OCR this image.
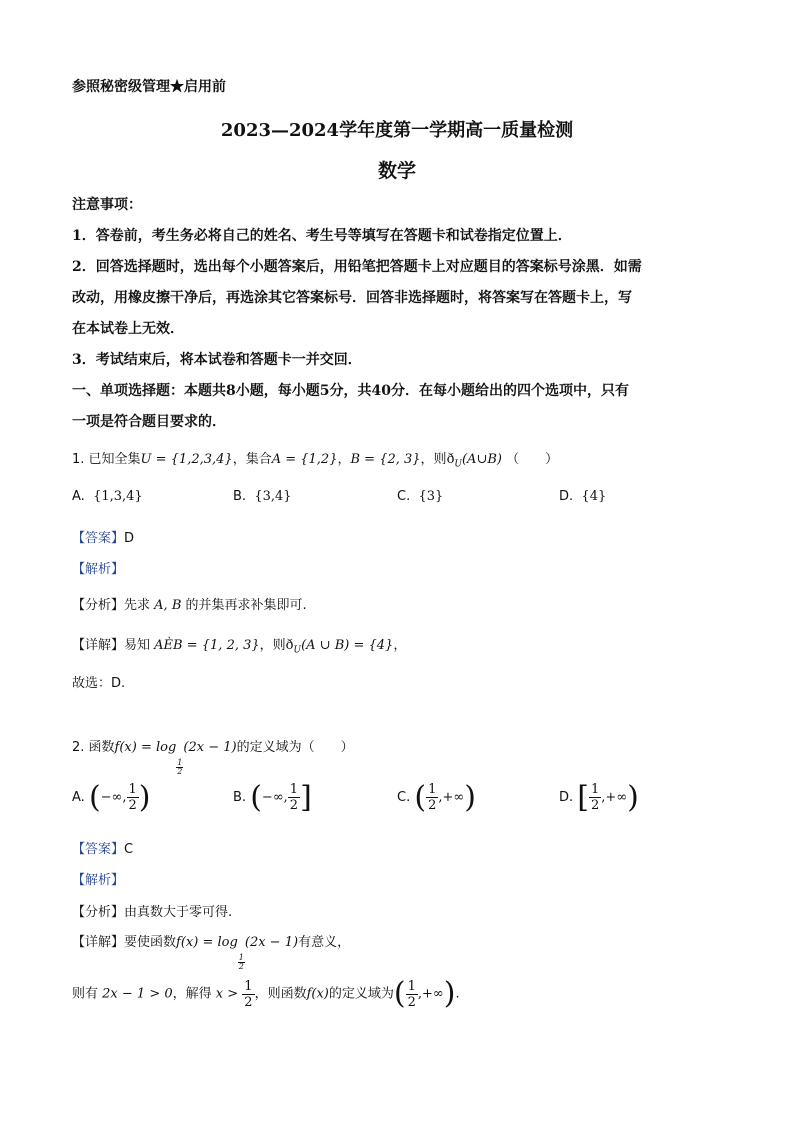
参照秘密级管理★启用前
2023—2024学年度第一学期高一质量检测
数学
注意事项：
1．答卷前，考生务必将自己的姓名、考生号等填写在答题卡和试卷指定位置上．
2．回答选择题时，选出每个小题答案后，用铅笔把答题卡上对应题目的答案标号涂黑．如需
改动，用橡皮擦干净后，再选涂其它答案标号．回答非选择题时，将答案写在答题卡上，写
在本试卷上无效．
3．考试结束后，将本试卷和答题卡一并交回．
一、单项选择题：本题共8小题，每小题5分，共40分．在每小题给出的四个选项中，只有
一项是符合题目要求的．
1. 已知全集U = {1,2,3,4}，集合A = {1,2}，B = {2, 3}，则$ð_U(A\cup B)$ （　　）
A. {1,3,4}	B. {3,4}	C. {3}	D. {4}
【答案】D
【解析】
【分析】先求 A, B 的并集再求补集即可.
【详解】易知 AÈB = {1, 2, 3}，则$ð_U(A$ ∪ B) = {4}，
故选：D.
2. 函数f(x) = log
$\frac{1}{2}$
(2x − 1)的定义域为（　　）
A. (−∞, $\frac{1}{2}$ )	B. (−∞, $\frac{1}{2}$ ]	C. ( $\frac{1}{2}$ ,+∞)	D. [ $\frac{1}{2}$ ,+∞)
【答案】C
【解析】
【分析】由真数大于零可得.
【详解】要使函数f(x) = log
$\frac{1}{2}$
(2x − 1)有意义，
则有 2x − 1 > 0，解得 $x > \frac{1}{2}$ ，则函数f(x)的定义域为( $\frac{1}{2}$ ,+∞).
